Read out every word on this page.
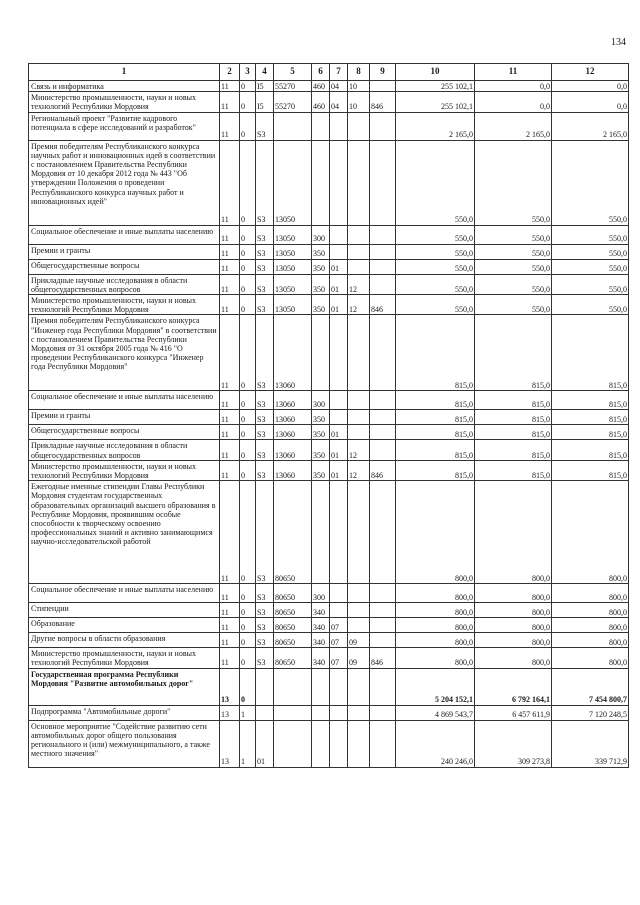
134
1	2	3	4	5	6	7	8	9	10	11	12
Связь и информатика	11	0	I5	55270	460	04	10		255 102,1	0,0	0,0
Министерство промышленности, науки и новых технологий Республики Мордовия	11	0	I5	55270	460	04	10	846	255 102,1	0,0	0,0
Региональный проект "Развитие кадрового потенциала в сфере исследований и разработок"	11	0	S3						2 165,0	2 165,0	2 165,0
Премия победителям Республиканского конкурса научных работ и инновационных идей в соответствии с постановлением Правительства Республики Мордовия от 10 декабря 2012 года № 443 "Об утверждении Положения о проведении Республиканского конкурса научных работ и инновационных идей"	11	0	S3	13050					550,0	550,0	550,0
Социальное обеспечение и иные выплаты населению	11	0	S3	13050	300				550,0	550,0	550,0
Премии и гранты	11	0	S3	13050	350				550,0	550,0	550,0
Общегосударственные вопросы	11	0	S3	13050	350	01			550,0	550,0	550,0
Прикладные научные исследования в области общегосударственных вопросов	11	0	S3	13050	350	01	12		550,0	550,0	550,0
Министерство промышленности, науки и новых технологий Республики Мордовия	11	0	S3	13050	350	01	12	846	550,0	550,0	550,0
Премия победителям Республиканского конкурса "Инженер года Республики Мордовия" в соответствии с постановлением Правительства Республики Мордовия от 31 октября 2005 года № 416 "О проведении Республиканского конкурса "Инженер года Республики Мордовия"	11	0	S3	13060					815,0	815,0	815,0
Социальное обеспечение и иные выплаты населению	11	0	S3	13060	300				815,0	815,0	815,0
Премии и гранты	11	0	S3	13060	350				815,0	815,0	815,0
Общегосударственные вопросы	11	0	S3	13060	350	01			815,0	815,0	815,0
Прикладные научные исследования в области общегосударственных вопросов	11	0	S3	13060	350	01	12		815,0	815,0	815,0
Министерство промышленности, науки и новых технологий Республики Мордовия	11	0	S3	13060	350	01	12	846	815,0	815,0	815,0
Ежегодные именные стипендии Главы Республики Мордовия студентам государственных образовательных организаций высшего образования в Республике Мордовия, проявившим особые способности к творческому освоению профессиональных знаний и активно занимающимся научно-исследовательской работой	11	0	S3	80650					800,0	800,0	800,0
Социальное обеспечение и иные выплаты населению	11	0	S3	80650	300				800,0	800,0	800,0
Стипендии	11	0	S3	80650	340				800,0	800,0	800,0
Образование	11	0	S3	80650	340	07			800,0	800,0	800,0
Другие вопросы в области образования	11	0	S3	80650	340	07	09		800,0	800,0	800,0
Министерство промышленности, науки и новых технологий Республики Мордовия	11	0	S3	80650	340	07	09	846	800,0	800,0	800,0
Государственная программа Республики Мордовия "Развитие автомобильных дорог"	13	0							5 204 152,1	6 792 164,1	7 454 800,7
Подпрограмма "Автомобильные дороги"	13	1							4 869 543,7	6 457 611,9	7 120 248,5
Основное мероприятие "Содействие развитию сети автомобильных дорог общего пользования регионального и (или) межмуниципального, а также местного значения"	13	1	01						240 246,0	309 273,8	339 712,9
